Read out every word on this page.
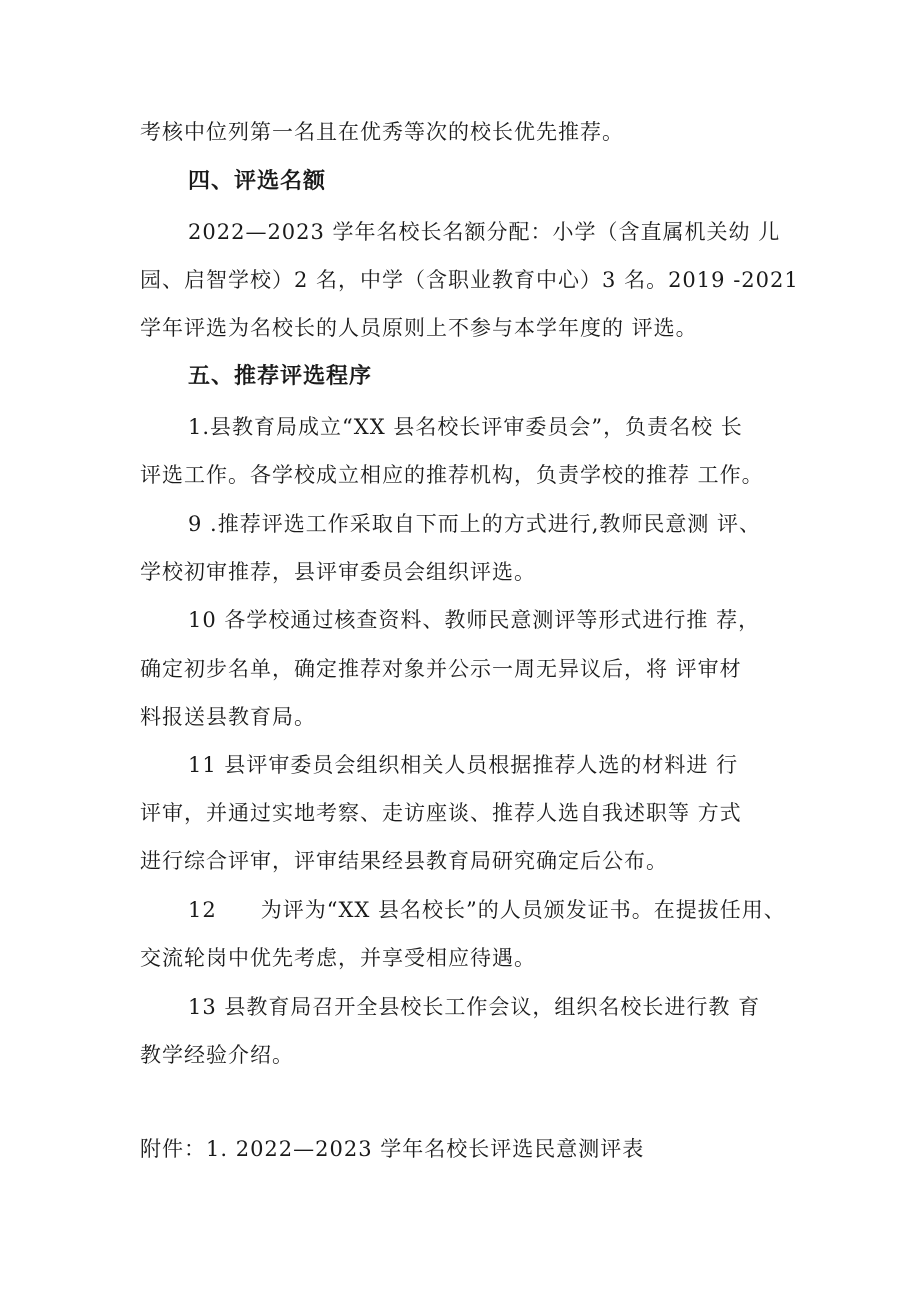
考核中位列第一名且在优秀等次的校长优先推荐。
四、评选名额
2022—2023 学年名校长名额分配：小学（含直属机关幼 儿
园、启智学校）2 名，中学（含职业教育中心）3 名。2019 -2021
学年评选为名校长的人员原则上不参与本学年度的 评选。
五、推荐评选程序
1.县教育局成立“XX 县名校长评审委员会”，负责名校 长
评选工作。各学校成立相应的推荐机构，负责学校的推荐 工作。
9 .推荐评选工作采取自下而上的方式进行,教师民意测 评、
学校初审推荐，县评审委员会组织评选。
10 各学校通过核查资料、教师民意测评等形式进行推 荐，
确定初步名单，确定推荐对象并公示一周无异议后，将 评审材
料报送县教育局。
11 县评审委员会组织相关人员根据推荐人选的材料进 行
评审，并通过实地考察、走访座谈、推荐人选自我述职等 方式
进行综合评审，评审结果经县教育局研究确定后公布。
12　　为评为“XX 县名校长”的人员颁发证书。在提拔任用、
交流轮岗中优先考虑，并享受相应待遇。
13 县教育局召开全县校长工作会议，组织名校长进行教 育
教学经验介绍。
附件：1. 2022—2023 学年名校长评选民意测评表
